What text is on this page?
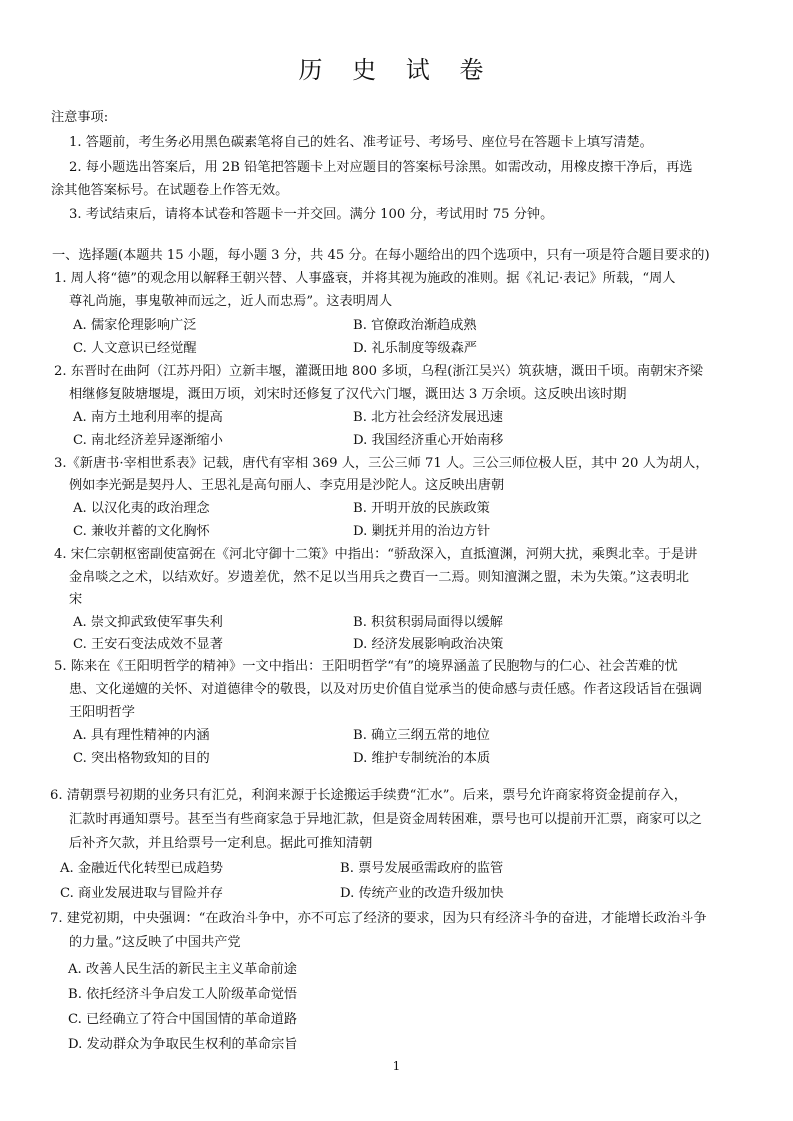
历 史 试 卷
注意事项:
1. 答题前，考生务必用黑色碳素笔将自己的姓名、准考证号、考场号、座位号在答题卡上填写清楚。
2. 每小题选出答案后，用 2B 铅笔把答题卡上对应题目的答案标号涂黑。如需改动，用橡皮擦干净后，再选
涂其他答案标号。在试题卷上作答无效。
3. 考试结束后，请将本试卷和答题卡一并交回。满分 100 分，考试用时 75 分钟。
一、选择题(本题共 15 小题，每小题 3 分，共 45 分。在每小题给出的四个选项中，只有一项是符合题目要求的)
1. 周人将“德”的观念用以解释王朝兴替、人事盛衰，并将其视为施政的准则。据《礼记·表记》所载，“周人
尊礼尚施，事鬼敬神而远之，近人而忠焉”。这表明周人
A. 儒家伦理影响广泛	B. 官僚政治渐趋成熟
C. 人文意识已经觉醒	D. 礼乐制度等级森严
2. 东晋时在曲阿（江苏丹阳）立新丰堰，灌溉田地 800 多顷，乌程(浙江吴兴）筑荻塘，溉田千顷。南朝宋齐梁
相继修复陂塘堰堤，溉田万顷，刘宋时还修复了汉代六门堰，溉田达 3 万余顷。这反映出该时期
A. 南方土地利用率的提高	B. 北方社会经济发展迅速
C. 南北经济差异逐渐缩小	D. 我国经济重心开始南移
3.《新唐书·宰相世系表》记载，唐代有宰相 369 人，三公三师 71 人。三公三师位极人臣，其中 20 人为胡人，
例如李光弼是契丹人、王思礼是高句丽人、李克用是沙陀人。这反映出唐朝
A. 以汉化夷的政治理念	B. 开明开放的民族政策
C. 兼收并蓄的文化胸怀	D. 剿抚并用的治边方针
4. 宋仁宗朝枢密副使富弼在《河北守御十二策》中指出：“骄敌深入，直抵澶渊，河朔大扰，乘舆北幸。于是讲
金帛啖之之术，以结欢好。岁遗差优，然不足以当用兵之费百一二焉。则知澶渊之盟，未为失策。”这表明北
宋
A. 崇文抑武致使军事失利	B. 积贫积弱局面得以缓解
C. 王安石变法成效不显著	D. 经济发展影响政治决策
5. 陈来在《王阳明哲学的精神》一文中指出：王阳明哲学“有”的境界涵盖了民胞物与的仁心、社会苦难的忧
患、文化递嬗的关怀、对道德律令的敬畏，以及对历史价值自觉承当的使命感与责任感。作者这段话旨在强调
王阳明哲学
A. 具有理性精神的内涵	B. 确立三纲五常的地位
C. 突出格物致知的目的	D. 维护专制统治的本质
6. 清朝票号初期的业务只有汇兑，利润来源于长途搬运手续费“汇水”。后来，票号允许商家将资金提前存入，
汇款时再通知票号。甚至当有些商家急于异地汇款，但是资金周转困难，票号也可以提前开汇票，商家可以之
后补齐欠款，并且给票号一定利息。据此可推知清朝
A. 金融近代化转型已成趋势	B. 票号发展亟需政府的监管
C. 商业发展进取与冒险并存	D. 传统产业的改造升级加快
7. 建党初期，中央强调：“在政治斗争中，亦不可忘了经济的要求，因为只有经济斗争的奋进，才能增长政治斗争
的力量。”这反映了中国共产党
A. 改善人民生活的新民主主义革命前途
B. 依托经济斗争启发工人阶级革命觉悟
C. 已经确立了符合中国国情的革命道路
D. 发动群众为争取民生权利的革命宗旨
1
